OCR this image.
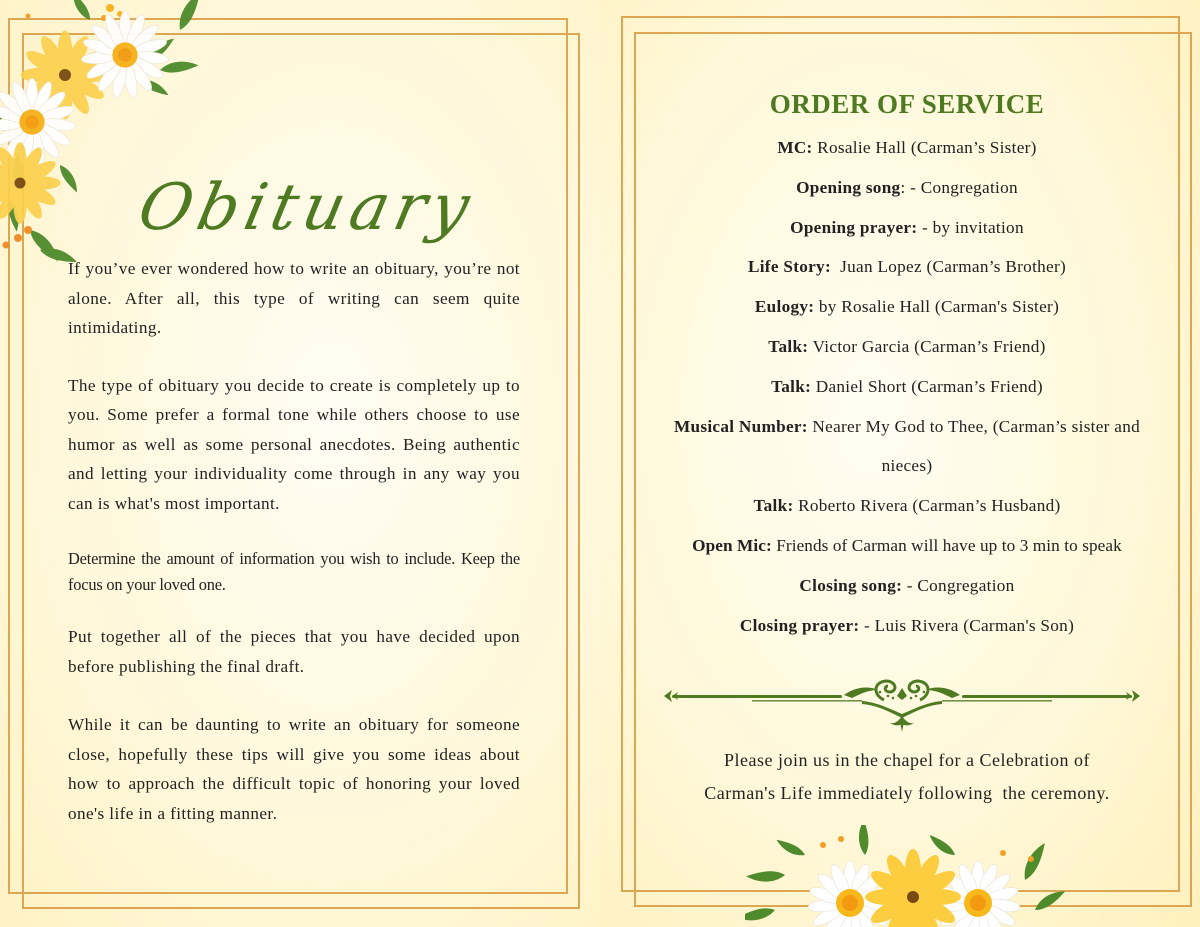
Obituary

If you’ve ever wondered how to write an obituary, you’re not alone. After all, this type of writing can seem quite intimidating.

The type of obituary you decide to create is completely up to you. Some prefer a formal tone while others choose to use humor as well as some personal anecdotes. Being authentic and letting your individuality come through in any way you can is what's most important.

Determine the amount of information you wish to include. Keep the focus on your loved one.

Put together all of the pieces that you have decided upon before publishing the final draft.

While it can be daunting to write an obituary for someone close, hopefully these tips will give you some ideas about how to approach the difficult topic of honoring your loved one's life in a fitting manner.

ORDER OF SERVICE

MC: Rosalie Hall (Carman’s Sister)

Opening song: - Congregation

Opening prayer: - by invitation

Life Story:  Juan Lopez (Carman’s Brother)

Eulogy: by Rosalie Hall (Carman's Sister)

Talk: Victor Garcia (Carman’s Friend)

Talk: Daniel Short (Carman’s Friend)

Musical Number: Nearer My God to Thee, (Carman’s sister and nieces)

Talk: Roberto Rivera (Carman’s Husband)

Open Mic: Friends of Carman will have up to 3 min to speak

Closing song: - Congregation

Closing prayer: - Luis Rivera (Carman's Son)

Please join us in the chapel for a Celebration of
Carman's Life immediately following  the ceremony.
